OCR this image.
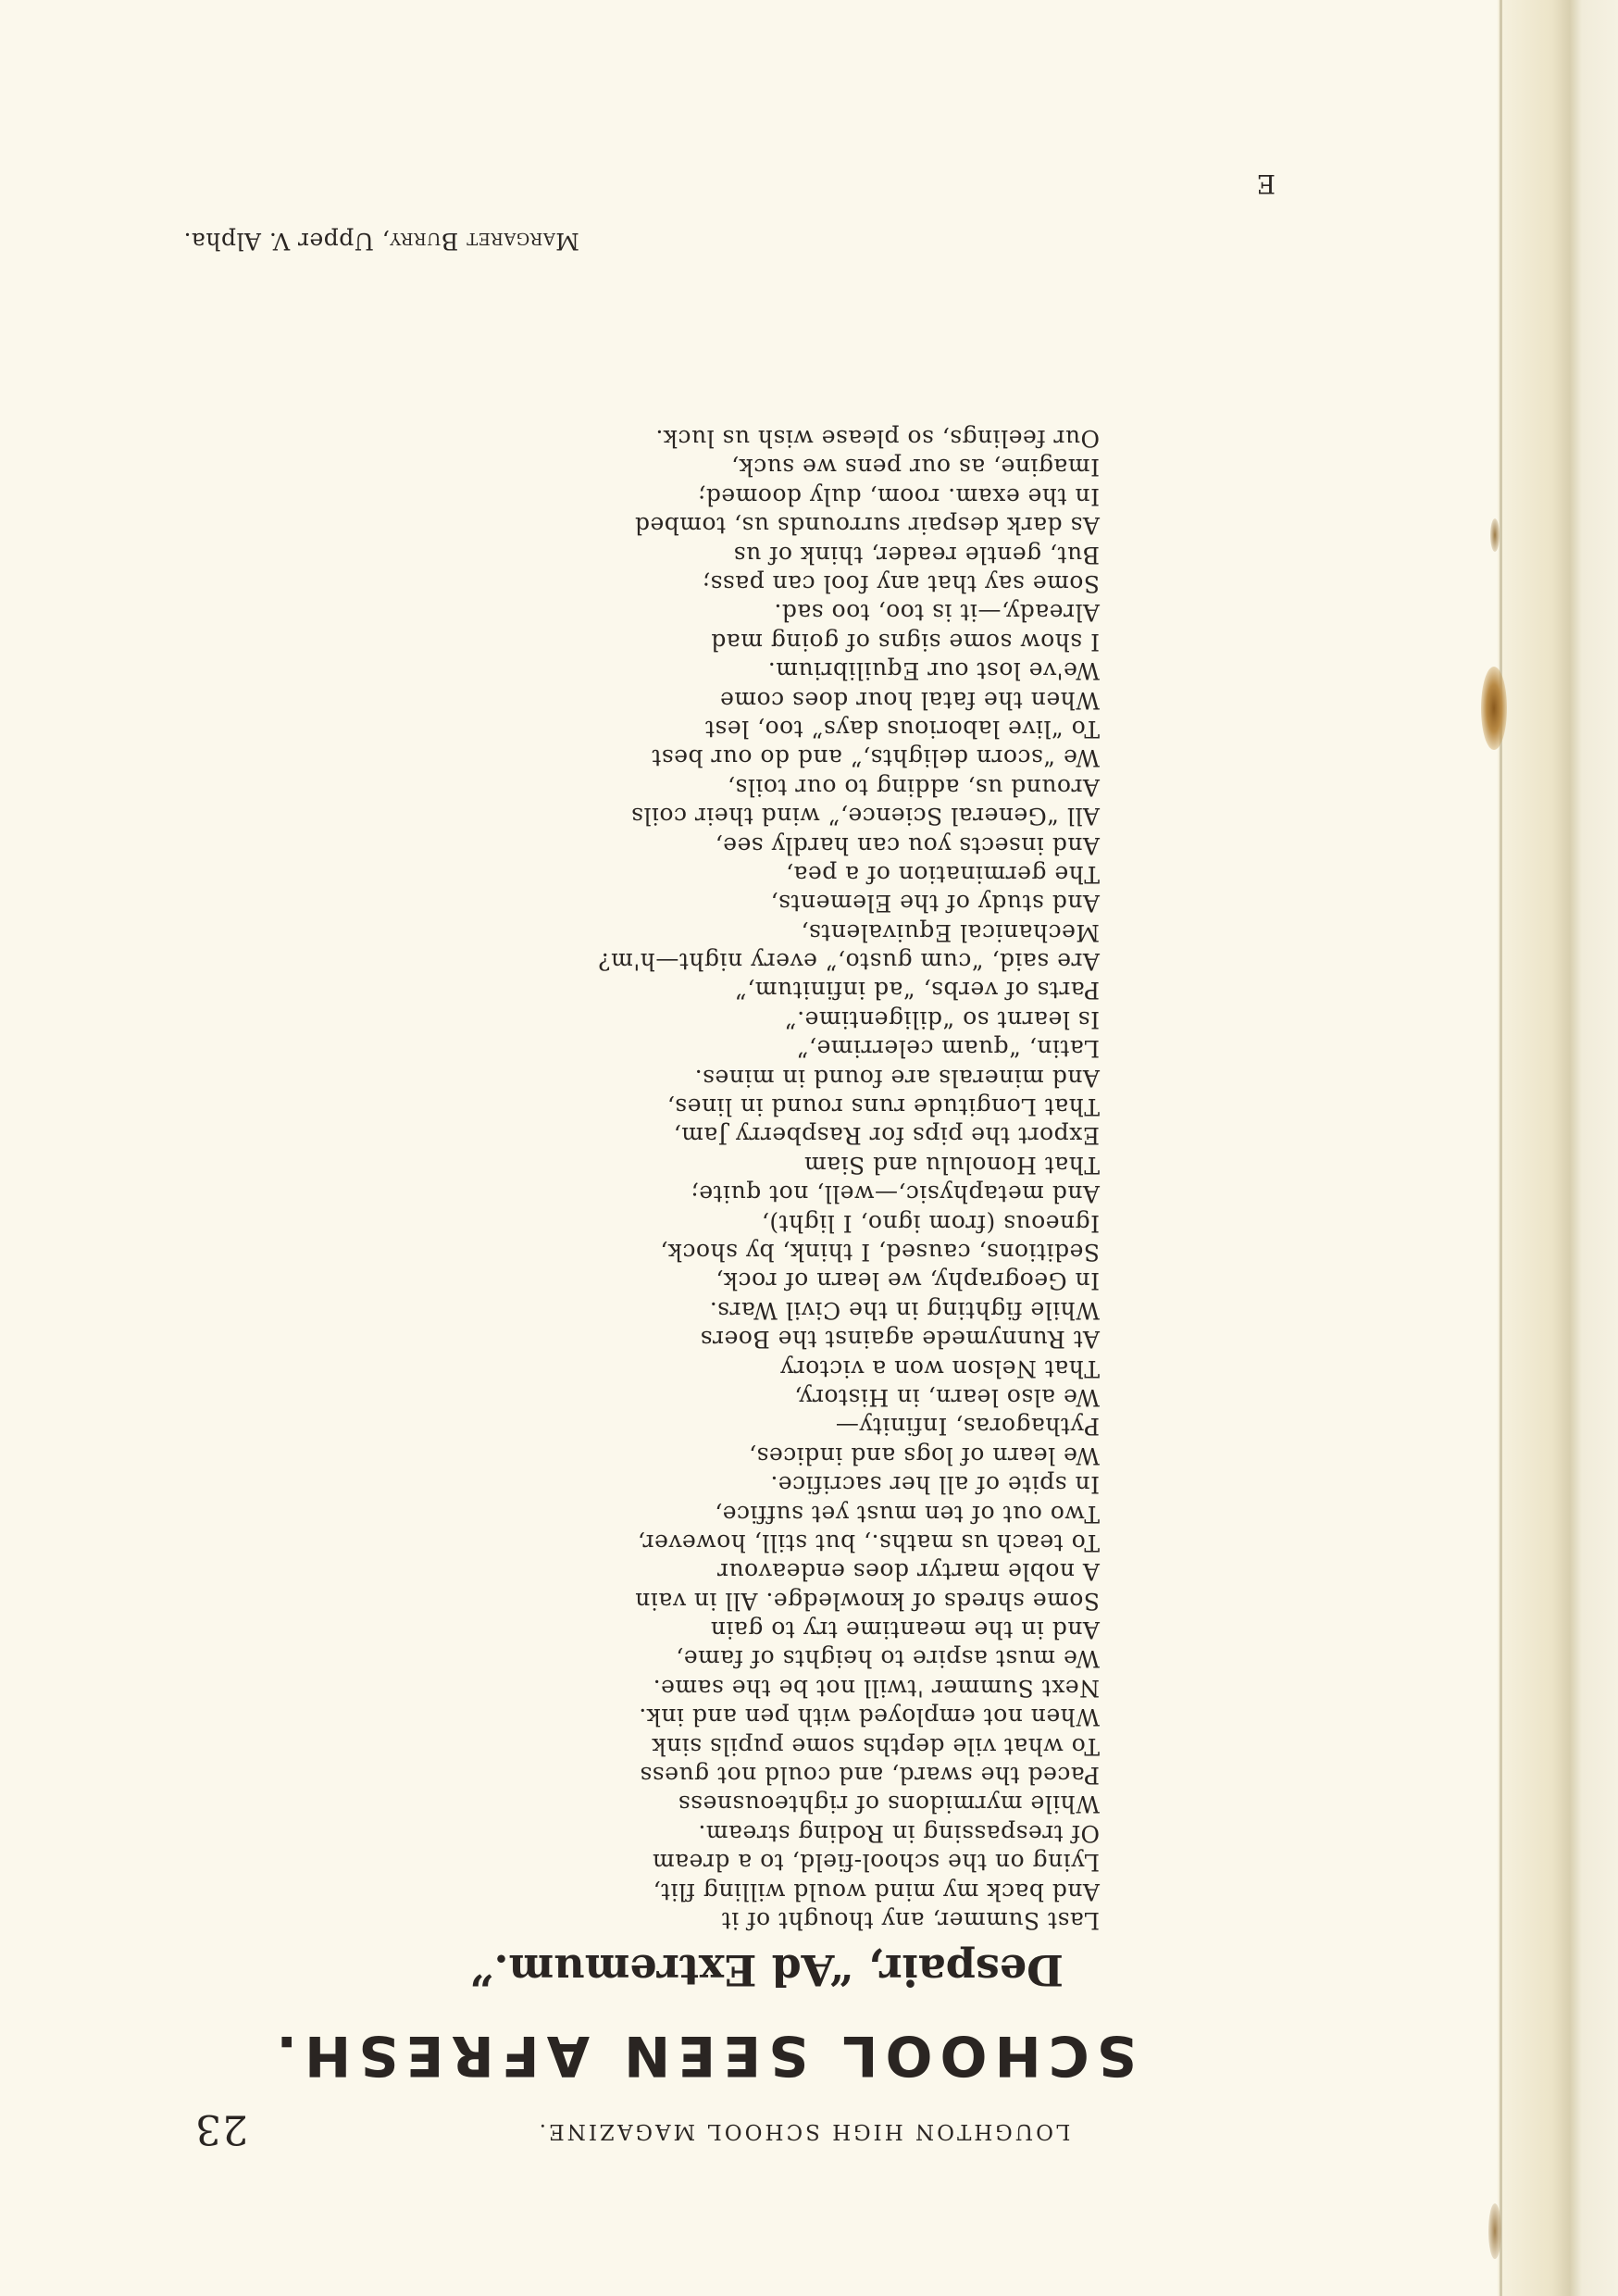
23	LOUGHTON HIGH SCHOOL MAGAZINE.
SCHOOL SEEN AFRESH.
Despair, “Ad Extremum.”
Last Summer, any thought of it
And back my mind would willing flit,
Lying on the school-field, to a dream
Of trespassing in Roding stream.
While myrmidons of righteousness
Paced the sward, and could not guess
To what vile depths some pupils sink
When not employed with pen and ink.
Next Summer 'twill not be the same.
We must aspire to heights of fame,
And in the meantime try to gain
Some shreds of knowledge. All in vain
A noble martyr does endeavour
To teach us maths., but still, however,
Two out of ten must yet suffice,
In spite of all her sacrifice.
We learn of logs and indices,
Pythagoras, Infinity—
We also learn, in History,
That Nelson won a victory
At Runnymede against the Boers
While fighting in the Civil Wars.
In Geography, we learn of rock,
Seditions, caused, I think, by shock,
Igneous (from igno, I light),
And metaphysic,—well, not quite;
That Honolulu and Siam
Export the pips for Raspberry Jam,
That Longitude runs round in lines,
And minerals are found in mines.
Latin, “quam celerrime,”
Is learnt so “diligentime.”
Parts of verbs, “ad infinitum,”
Are said, “cum gusto,” every night—h'm?
Mechanical Equivalents,
And study of the Elements,
The germination of a pea,
And insects you can hardly see,
All “General Science,” wind their coils
Around us, adding to our toils,
We “scorn delights,” and do our best
To “live laborious days” too, lest
When the fatal hour does come
We've lost our Equilibrium.
I show some signs of going mad
Already,—it is too, too sad.
Some say that any fool can pass;
But, gentle reader, think of us
As dark despair surrounds us, tombed
In the exam. room, duly doomed;
Imagine, as our pens we suck,
Our feelings, so please wish us luck.
Margaret Burry, Upper V. Alpha.
E
